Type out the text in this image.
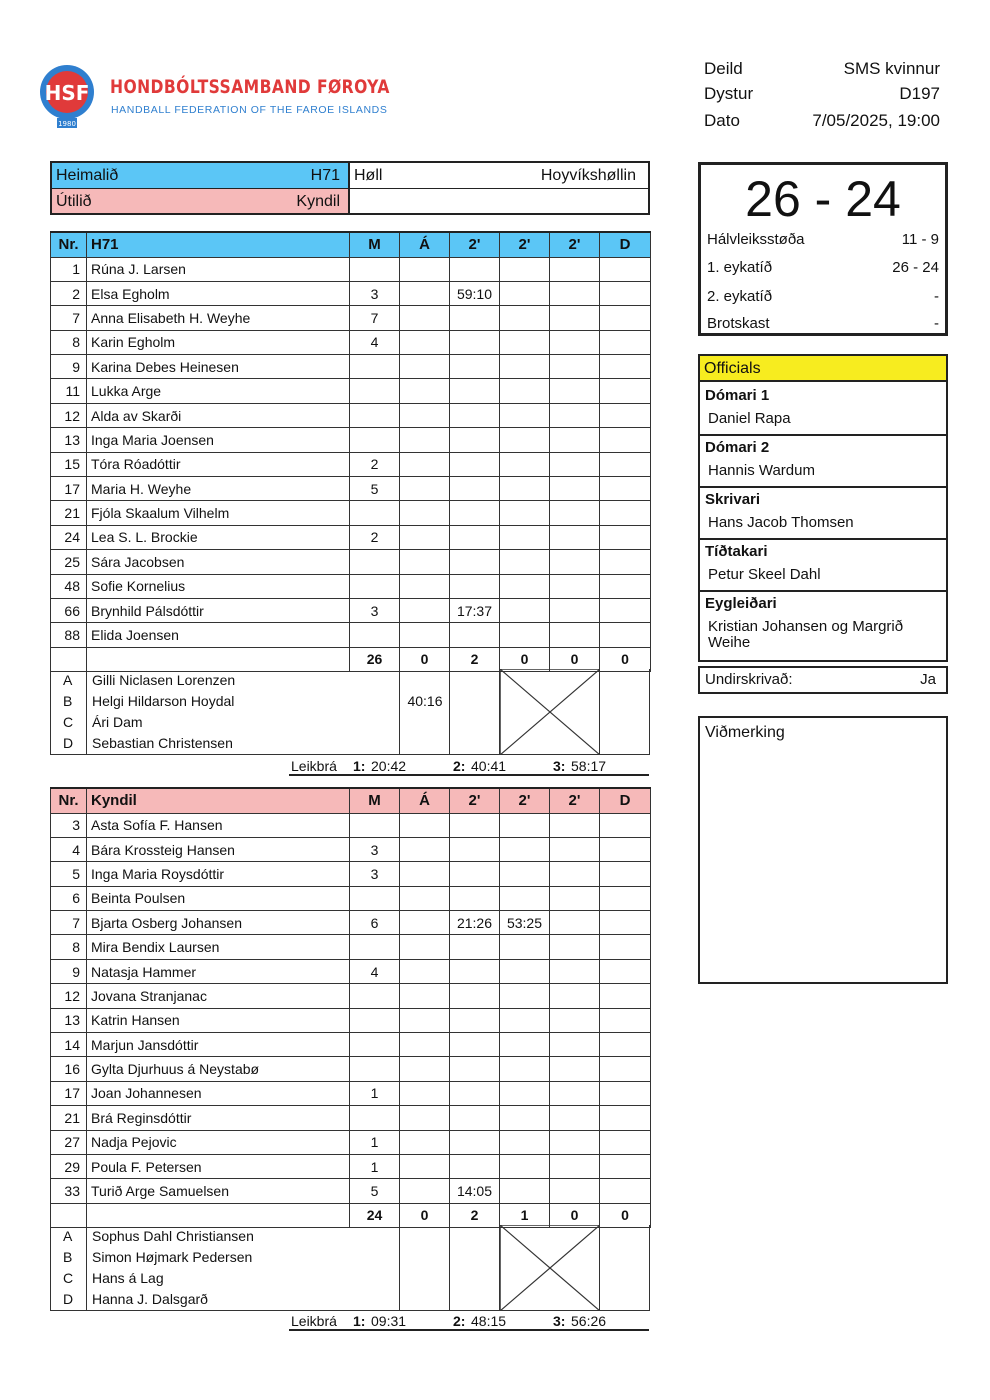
HSF
1980
HONDBÓLTSSAMBAND FØROYA
HANDBALL FEDERATION OF THE FAROE ISLANDS
Deild	SMS kvinnur
Dystur	D197
Dato	7/05/2025, 19:00
Heimalið	H71 Høll	Hoyvíkshøllin
Útilið	Kyndil
Nr.	H71	M	Á	2'	2'	2'	D
1	Rúna J. Larsen						
2	Elsa Egholm	3		59:10			
7	Anna Elisabeth H. Weyhe	7					
8	Karin Egholm	4					
9	Karina Debes Heinesen						
11	Lukka Arge						
12	Alda av Skarði						
13	Inga Maria Joensen						
15	Tóra Róadóttir	2					
17	Maria H. Weyhe	5					
21	Fjóla Skaalum Vilhelm						
24	Lea S. L. Brockie	2					
25	Sára Jacobsen						
48	Sofie Kornelius						
66	Brynhild Pálsdóttir	3		17:37			
88	Elida Joensen						
		26	0	2	0	0	0
A Gilli Niclasen Lorenzen
B Helgi Hildarson Hoydal	40:16
C Ári Dam
D Sebastian Christensen
Leikbrá 1: 20:42	2: 40:41	3: 58:17
Nr.	Kyndil	M	Á	2'	2'	2'	D
3	Asta Sofía F. Hansen						
4	Bára Krossteig Hansen	3					
5	Inga Maria Roysdóttir	3					
6	Beinta Poulsen						
7	Bjarta Osberg Johansen	6		21:26	53:25		
8	Mira Bendix Laursen						
9	Natasja Hammer	4					
12	Jovana Stranjanac						
13	Katrin Hansen						
14	Marjun Jansdóttir						
16	Gylta Djurhuus á Neystabø						
17	Joan Johannesen	1					
21	Brá Reginsdóttir						
27	Nadja Pejovic	1					
29	Poula F. Petersen	1					
33	Turið Arge Samuelsen	5		14:05			
		24	0	2	1	0	0
A Sophus Dahl Christiansen
B Simon Højmark Pedersen
C Hans á Lag
D Hanna J. Dalsgarð
Leikbrá 1: 09:31	2: 48:15	3: 56:26
26 - 24
Hálvleiksstøða	11 - 9
1. eykatíð	26 - 24
2. eykatíð	-
Brotskast	-
Officials
Dómari 1
Daniel Rapa
Dómari 2
Hannis Wardum
Skrivari
Hans Jacob Thomsen
Tíðtakari
Petur Skeel Dahl
Eygleiðari
Kristian Johansen og Margrið Weihe
Undirskrivað:	Ja
Viðmerking
